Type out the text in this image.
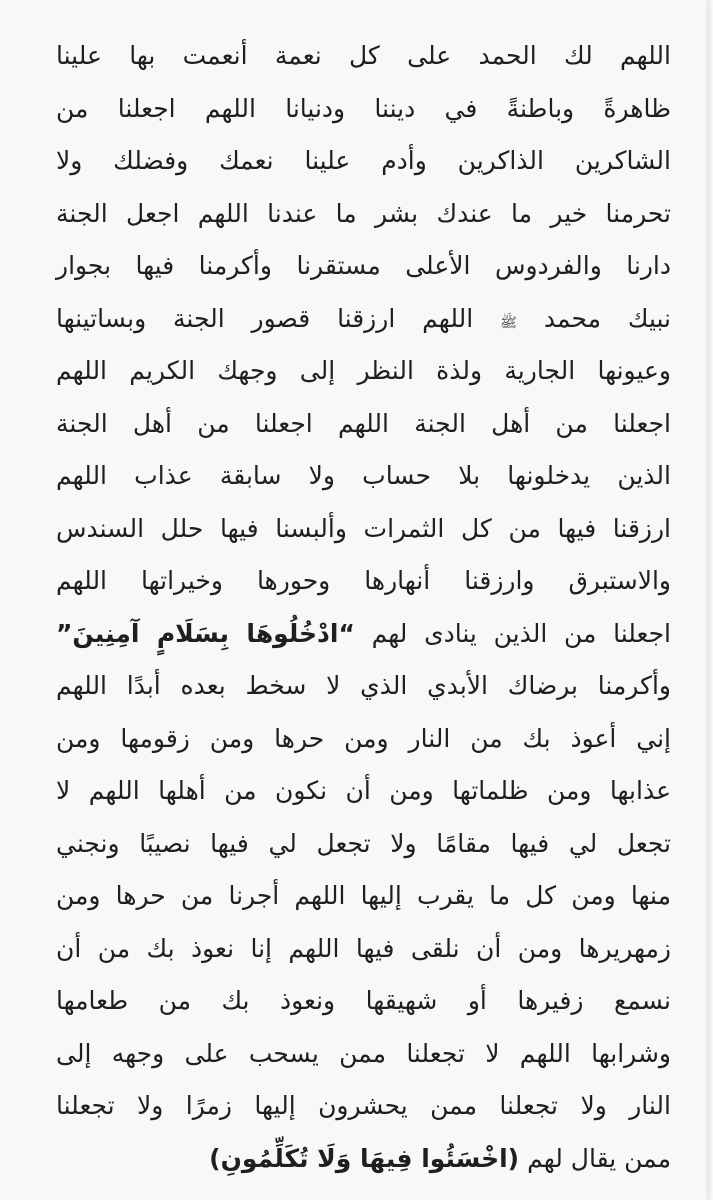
اللهم لك الحمد على كل نعمة أنعمت بها علينا
ظاهرةً وباطنةً في ديننا ودنيانا اللهم اجعلنا من
الشاكرين الذاكرين وأدم علينا نعمك وفضلك ولا
تحرمنا خير ما عندك بشر ما عندنا اللهم اجعل الجنة
دارنا والفردوس الأعلى مستقرنا وأكرمنا فيها بجوار
نبيك محمد ﷺ اللهم ارزقنا قصور الجنة وبساتينها
وعيونها الجارية ولذة النظر إلى وجهك الكريم اللهم
اجعلنا من أهل الجنة اللهم اجعلنا من أهل الجنة
الذين يدخلونها بلا حساب ولا سابقة عذاب اللهم
ارزقنا فيها من كل الثمرات وألبسنا فيها حلل السندس
والاستبرق وارزقنا أنهارها وحورها وخيراتها اللهم
اجعلنا من الذين ينادى لهم “ادْخُلُوهَا بِسَلَامٍ آمِنِينَ”
وأكرمنا برضاك الأبدي الذي لا سخط بعده أبدًا اللهم
إني أعوذ بك من النار ومن حرها ومن زقومها ومن
عذابها ومن ظلماتها ومن أن نكون من أهلها اللهم لا
تجعل لي فيها مقامًا ولا تجعل لي فيها نصيبًا ونجني
منها ومن كل ما يقرب إليها اللهم أجرنا من حرها ومن
زمهريرها ومن أن نلقى فيها اللهم إنا نعوذ بك من أن
نسمع زفيرها أو شهيقها ونعوذ بك من طعامها
وشرابها اللهم لا تجعلنا ممن يسحب على وجهه إلى
النار ولا تجعلنا ممن يحشرون إليها زمرًا ولا تجعلنا
ممن يقال لهم (اخْسَئُوا فِيهَا وَلَا تُكَلِّمُونِ)
